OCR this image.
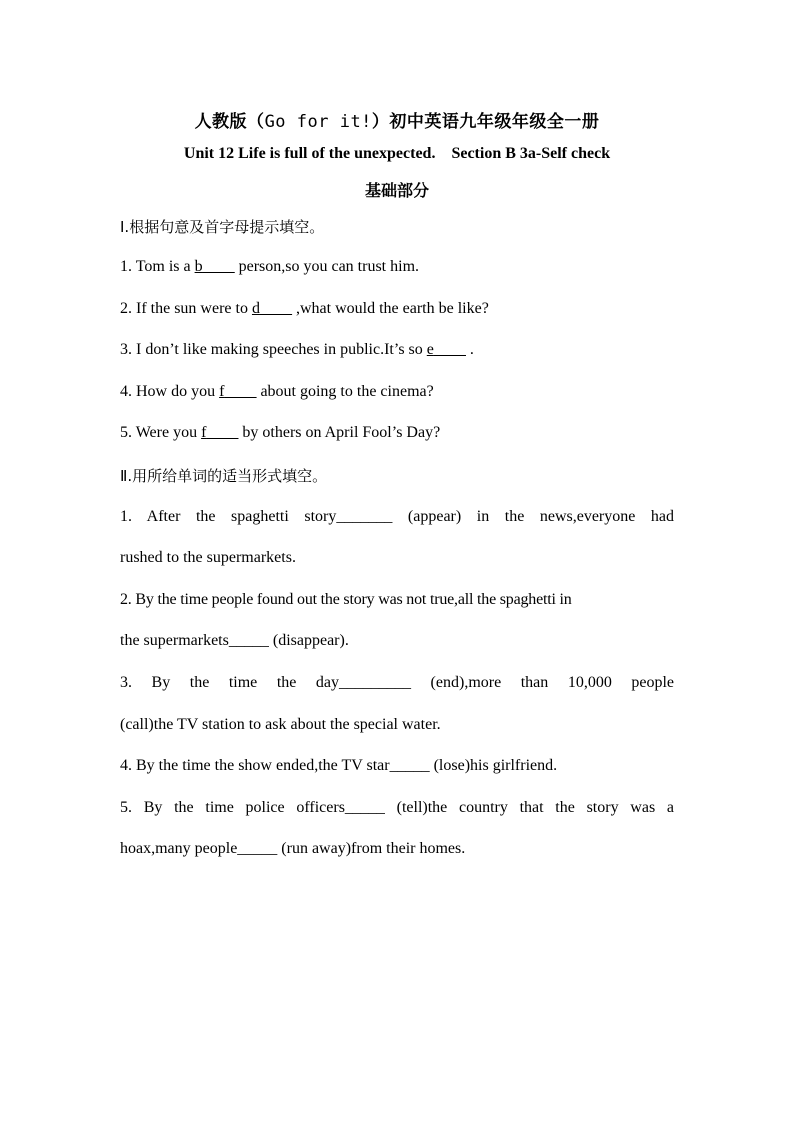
人教版（Go for it!）初中英语九年级年级全一册
Unit 12 Life is full of the unexpected.    Section B 3a-Self check
基础部分
Ⅰ.根据句意及首字母提示填空。
1. Tom is a b____ person,so you can trust him.
2. If the sun were to d____ ,what would the earth be like?
3. I don’t like making speeches in public.It’s so e____ .
4. How do you f____ about going to the cinema?
5. Were you f____ by others on April Fool’s Day?
Ⅱ.用所给单词的适当形式填空。
1. After the spaghetti story_______ (appear) in the news,everyone had
rushed to the supermarkets.
2. By the time people found out the story was not true,all the spaghetti in
the supermarkets_____ (disappear).
3. By the time the day_________ (end),more than 10,000 people
(call)the TV station to ask about the special water.
4. By the time the show ended,the TV star_____ (lose)his girlfriend.
5. By the time police officers_____ (tell)the country that the story was a
hoax,many people_____ (run away)from their homes.
